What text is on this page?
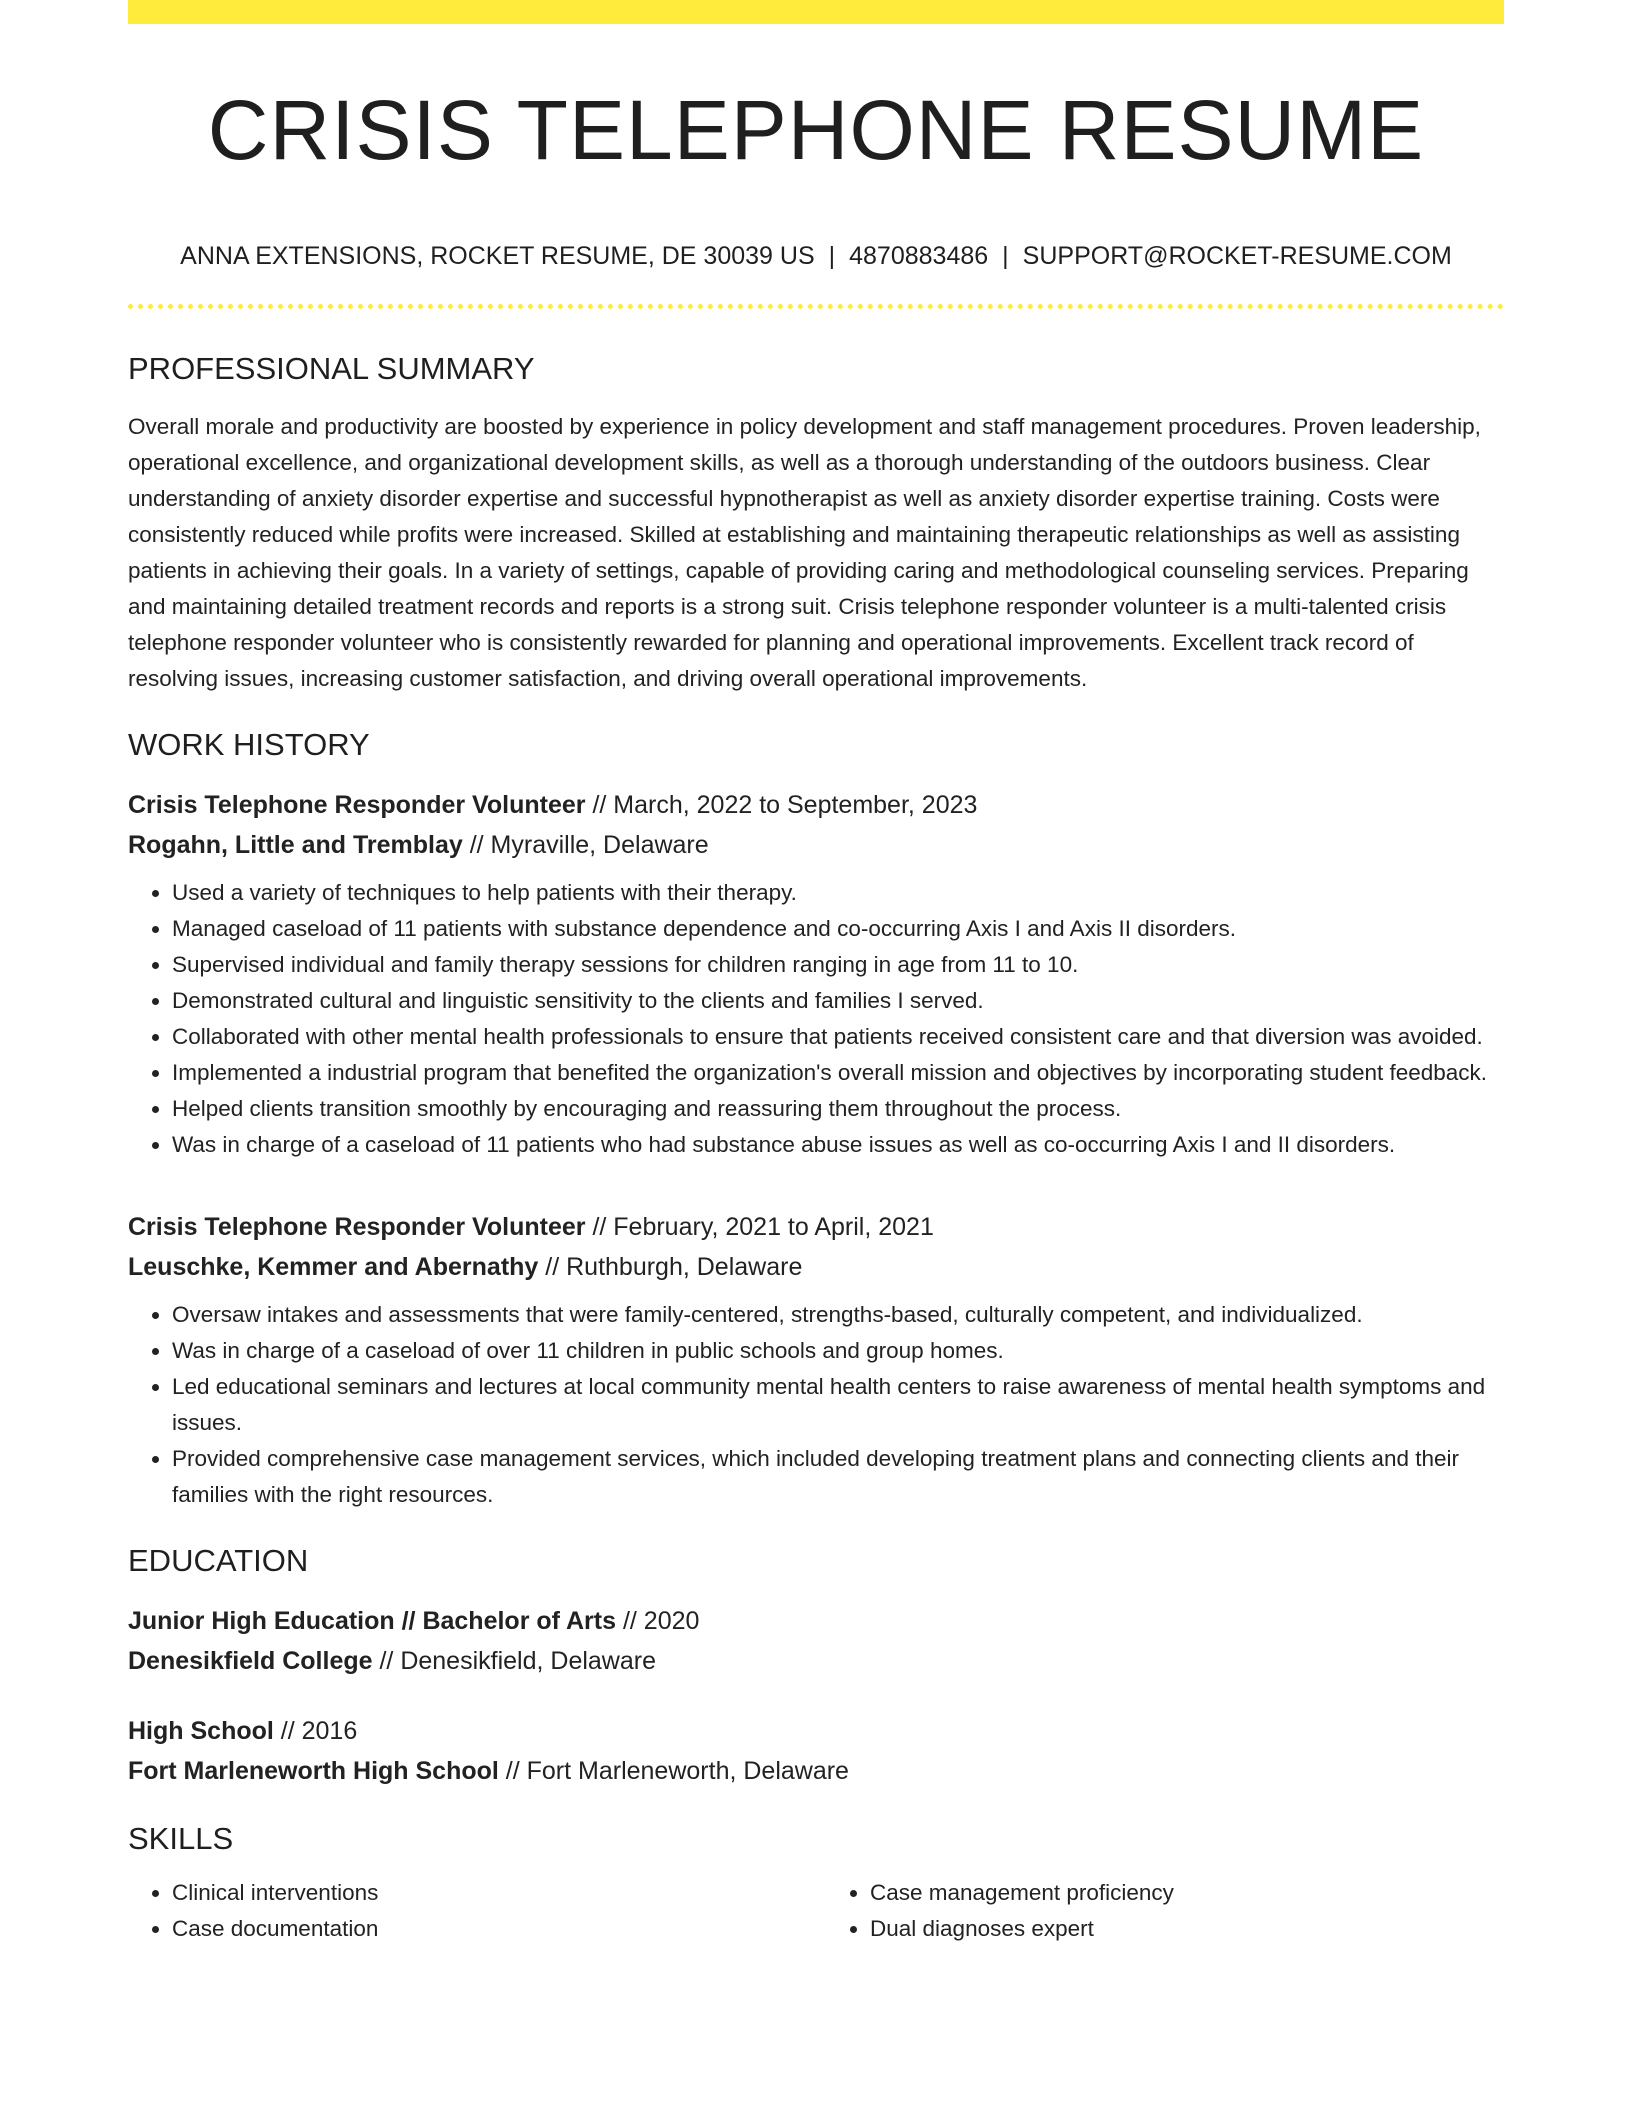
CRISIS TELEPHONE RESUME
ANNA EXTENSIONS, ROCKET RESUME, DE 30039 US | 4870883486 | SUPPORT@ROCKET-RESUME.COM
PROFESSIONAL SUMMARY

Overall morale and productivity are boosted by experience in policy development and staff management procedures. Proven leadership, operational excellence, and organizational development skills, as well as a thorough understanding of the outdoors business. Clear understanding of anxiety disorder expertise and successful hypnotherapist as well as anxiety disorder expertise training. Costs were consistently reduced while profits were increased. Skilled at establishing and maintaining therapeutic relationships as well as assisting patients in achieving their goals. In a variety of settings, capable of providing caring and methodological counseling services. Preparing and maintaining detailed treatment records and reports is a strong suit. Crisis telephone responder volunteer is a multi-talented crisis telephone responder volunteer who is consistently rewarded for planning and operational improvements. Excellent track record of resolving issues, increasing customer satisfaction, and driving overall operational improvements.

WORK HISTORY
Crisis Telephone Responder Volunteer // March, 2022 to September, 2023
Rogahn, Little and Tremblay // Myraville, Delaware
• Used a variety of techniques to help patients with their therapy.
• Managed caseload of 11 patients with substance dependence and co-occurring Axis I and Axis II disorders.
• Supervised individual and family therapy sessions for children ranging in age from 11 to 10.
• Demonstrated cultural and linguistic sensitivity to the clients and families I served.
• Collaborated with other mental health professionals to ensure that patients received consistent care and that diversion was avoided.
• Implemented a industrial program that benefited the organization's overall mission and objectives by incorporating student feedback.
• Helped clients transition smoothly by encouraging and reassuring them throughout the process.
• Was in charge of a caseload of 11 patients who had substance abuse issues as well as co-occurring Axis I and II disorders.
Crisis Telephone Responder Volunteer // February, 2021 to April, 2021
Leuschke, Kemmer and Abernathy // Ruthburgh, Delaware
• Oversaw intakes and assessments that were family-centered, strengths-based, culturally competent, and individualized.
• Was in charge of a caseload of over 11 children in public schools and group homes.
• Led educational seminars and lectures at local community mental health centers to raise awareness of mental health symptoms and issues.
• Provided comprehensive case management services, which included developing treatment plans and connecting clients and their families with the right resources.
EDUCATION
Junior High Education // Bachelor of Arts // 2020
Denesikfield College // Denesikfield, Delaware
High School // 2016
Fort Marleneworth High School // Fort Marleneworth, Delaware
SKILLS
• Clinical interventions
• Case documentation
• Case management proficiency
• Dual diagnoses expert
